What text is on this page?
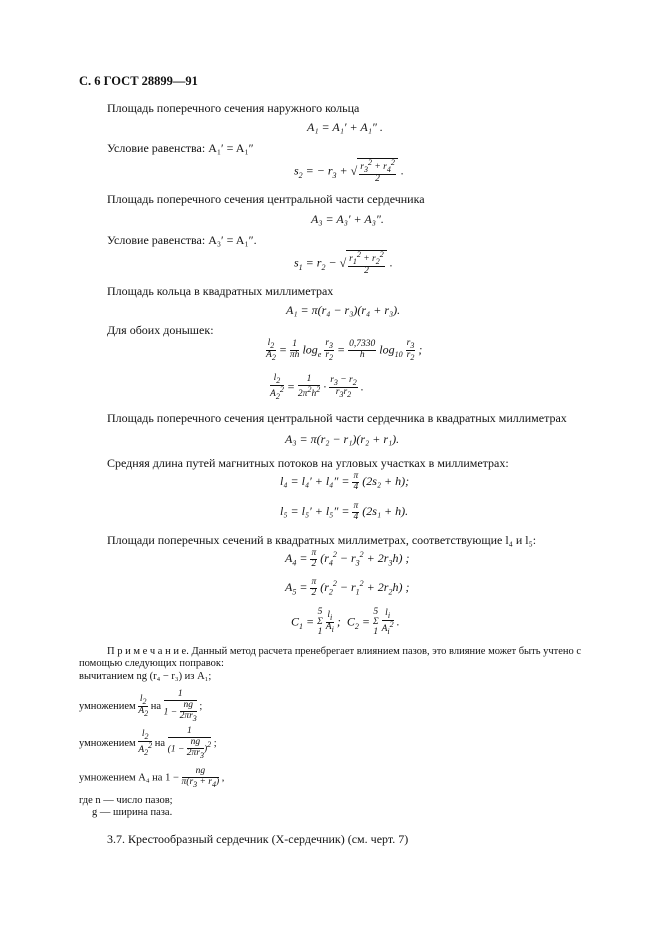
С. 6 ГОСТ 28899—91
Площадь поперечного сечения наружного кольца
A₁ = A₁′ + A₁″ .
Условие равенства: A₁′ = A₁″
$s_2$ = − $r_3$ + √ $\frac{r_3^2 + r_4^2}{2}$ .
Площадь поперечного сечения центральной части сердечника
A₃ = A₃′ + A₃″.
Условие равенства: A₃′ = A₁″.
$s_1 = r_2$ − √ $\frac{r_1^2 + r_2^2}{2}$ .
Площадь кольца в квадратных миллиметрах
A₁ = π(r₄ − r₃)(r₄ + r₃).
Для обоих донышек:
$\frac{l_2}{A_2} = \frac{1}{\pi h} \log_e \frac{r_3}{r_2} = \frac{0,7330}{h} \log_{10} \frac{r_3}{r_2}$ ;
$\frac{l_2}{A_2^2} = \frac{1}{2\pi^2h^2} \cdot \frac{r_3 - r_2}{r_3r_2}$ .
Площадь поперечного сечения центральной части сердечника в квадратных миллиметрах
A₃ = π(r₂ − r₁)(r₂ + r₁).
Средняя длина путей магнитных потоков на угловых участках в миллиметрах:
$l_4 = l_4' + l_4'' = \frac{\pi}{4} (2s_2 + h)$;
$l_5 = l_5' + l_5'' = \frac{\pi}{4} (2s_1 + h)$.
Площади поперечных сечений в квадратных миллиметрах, соответствующие l₄ и l₅:
$A_4 = \frac{\pi}{2} (r_4^2 - r_3^2 + 2r_3h)$ ;
$A_5 = \frac{\pi}{2} (r_2^2 - r_1^2 + 2r_2h)$ ;
$C_1$ =
5
Σ
1
$\frac{l_i}{A_i}$ ;  $C_2$ =
5
Σ
1
$\frac{l_i}{A_i^2}$ .
П р и м е ч а н и е. Данный метод расчета пренебрегает влиянием пазов, это влияние может быть учтено с
помощью следующих поправок:
вычитанием ng (r₄ − r₃) из A₁;
умножением $\frac{l_2}{A_2}$ на $\frac{1}{1 - \frac{ng}{2\pi r_3}}$ ;
умножением $\frac{l_2}{A_2^2}$ на $\frac{1}{(1 - \frac{ng}{2\pi r_3} )^2}$ ;
умножением A₄ на $1 - \frac{ng}{\pi(r_3 + r_4)}$ ,
где n — число пазов;
g — ширина паза.
3.7. Крестообразный сердечник (Х-сердечник) (см. черт. 7)
